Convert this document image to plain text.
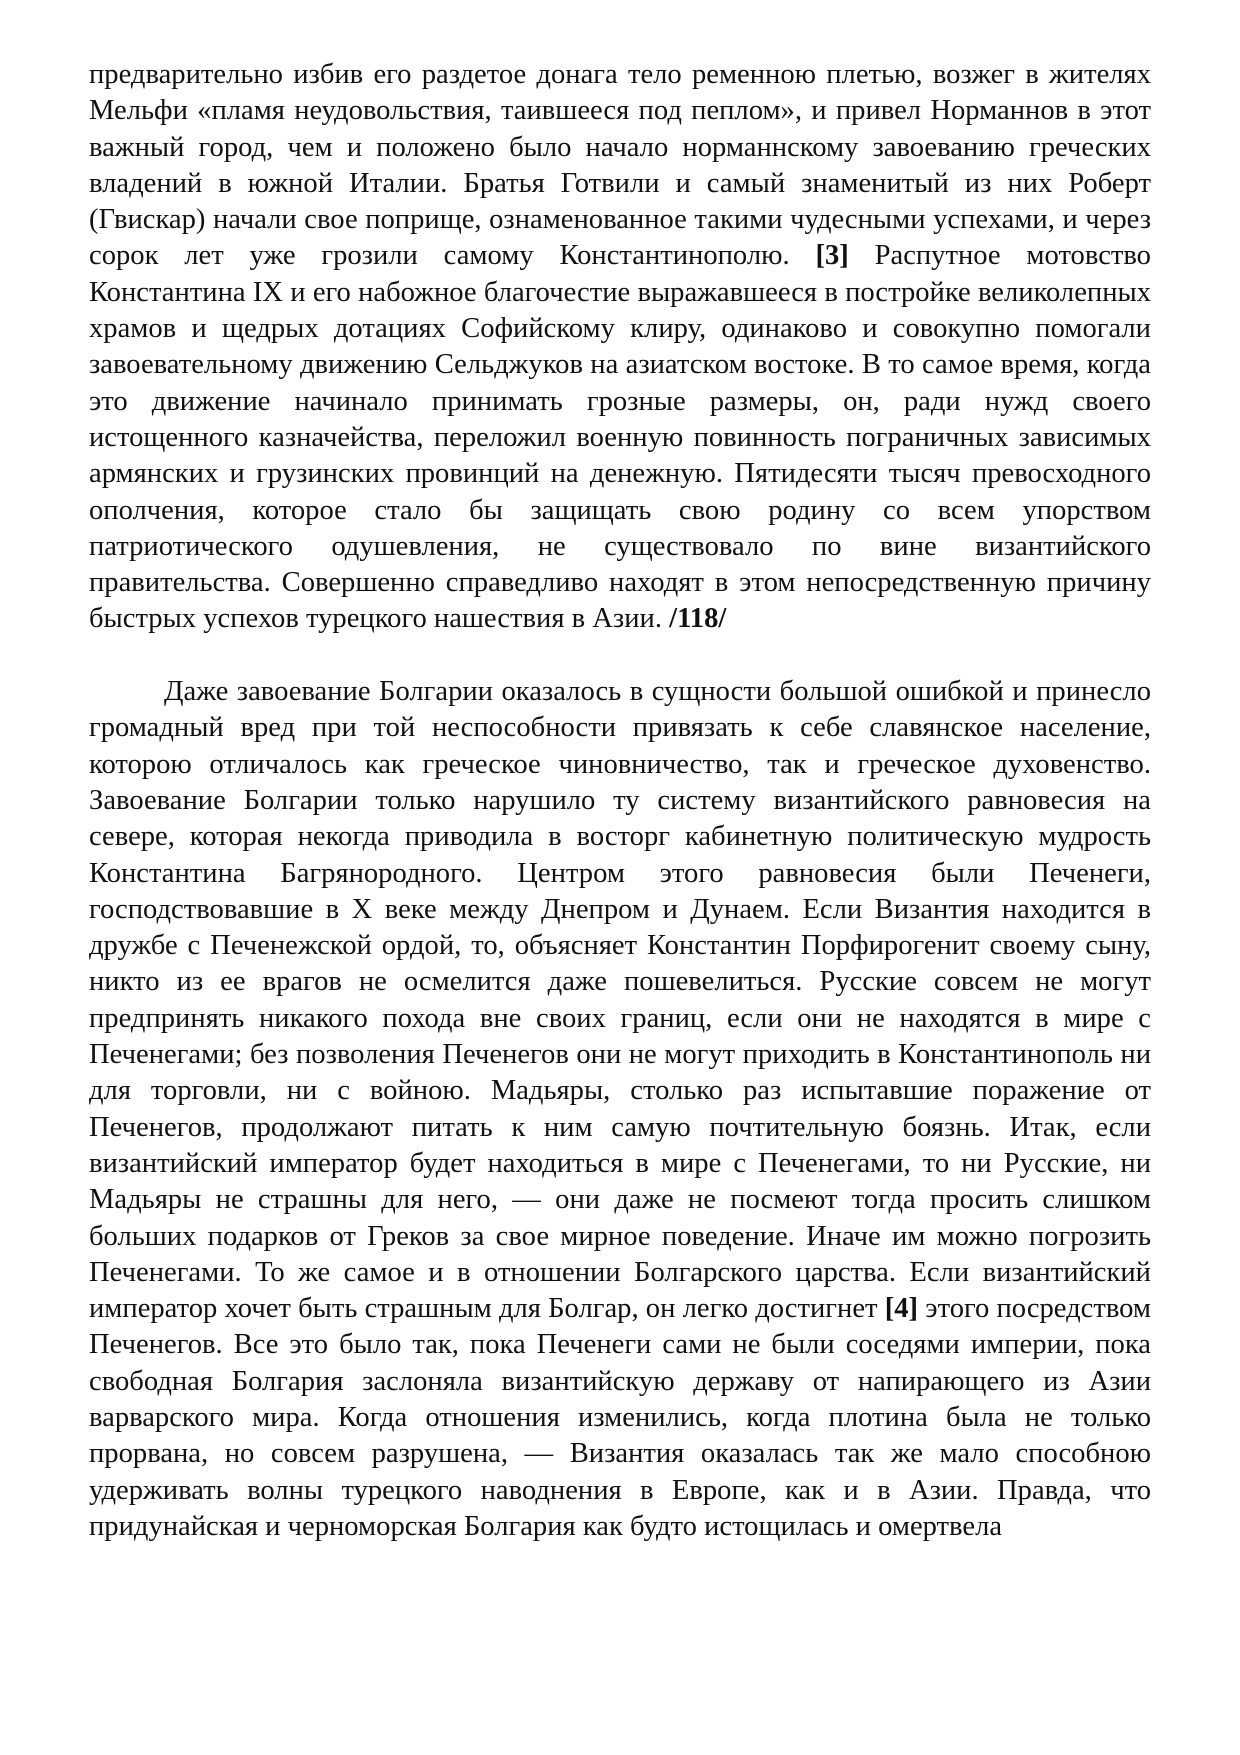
предварительно избив его раздетое донага тело ременною плетью, возжег в жителях Мельфи «пламя неудовольствия, таившееся под пеплом», и привел Норманнов в этот важный город, чем и положено было начало норманнскому завоеванию греческих владений в южной Италии. Братья Готвили и самый знаменитый из них Роберт (Гвискар) начали свое поприще, ознаменованное такими чудесными успехами, и через сорок лет уже грозили самому Константинополю. [3] Распутное мотовство Константина IX и его набожное благочестие выражавшееся в постройке великолепных храмов и щедрых дотациях Софийскому клиру, одинаково и совокупно помогали завоевательному движению Сельджуков на азиатском востоке. В то самое время, когда это движение начинало принимать грозные размеры, он, ради нужд своего истощенного казначейства, переложил военную повинность пограничных зависимых армянских и грузинских провинций на денежную. Пятидесяти тысяч превосходного ополчения, которое стало бы защищать свою родину со всем упорством патриотического одушевления, не существовало по вине византийского правительства. Совершенно справедливо находят в этом непосредственную причину быстрых успехов турецкого нашествия в Азии. /118/

Даже завоевание Болгарии оказалось в сущности большой ошибкой и принесло громадный вред при той неспособности привязать к себе славянское население, которою отличалось как греческое чиновничество, так и греческое духовенство. Завоевание Болгарии только нарушило ту систему византийского равновесия на севере, которая некогда приводила в восторг кабинетную политическую мудрость Константина Багрянородного. Центром этого равновесия были Печенеги, господствовавшие в X веке между Днепром и Дунаем. Если Византия находится в дружбе с Печенежской ордой, то, объясняет Константин Порфирогенит своему сыну, никто из ее врагов не осмелится даже пошевелиться. Русские совсем не могут предпринять никакого похода вне своих границ, если они не находятся в мире с Печенегами; без позволения Печенегов они не могут приходить в Константинополь ни для торговли, ни с войною. Мадьяры, столько раз испытавшие поражение от Печенегов, продолжают питать к ним самую почтительную боязнь. Итак, если византийский император будет находиться в мире с Печенегами, то ни Русские, ни Мадьяры не страшны для него, — они даже не посмеют тогда просить слишком больших подарков от Греков за свое мирное поведение. Иначе им можно погрозить Печенегами. То же самое и в отношении Болгарского царства. Если византийский император хочет быть страшным для Болгар, он легко достигнет [4] этого посредством Печенегов. Все это было так, пока Печенеги сами не были соседями империи, пока свободная Болгария заслоняла византийскую державу от напирающего из Азии варварского мира. Когда отношения изменились, когда плотина была не только прорвана, но совсем разрушена, — Византия оказалась так же мало способною удерживать волны турецкого наводнения в Европе, как и в Азии. Правда, что придунайская и черноморская Болгария как будто истощилась и омертвела
